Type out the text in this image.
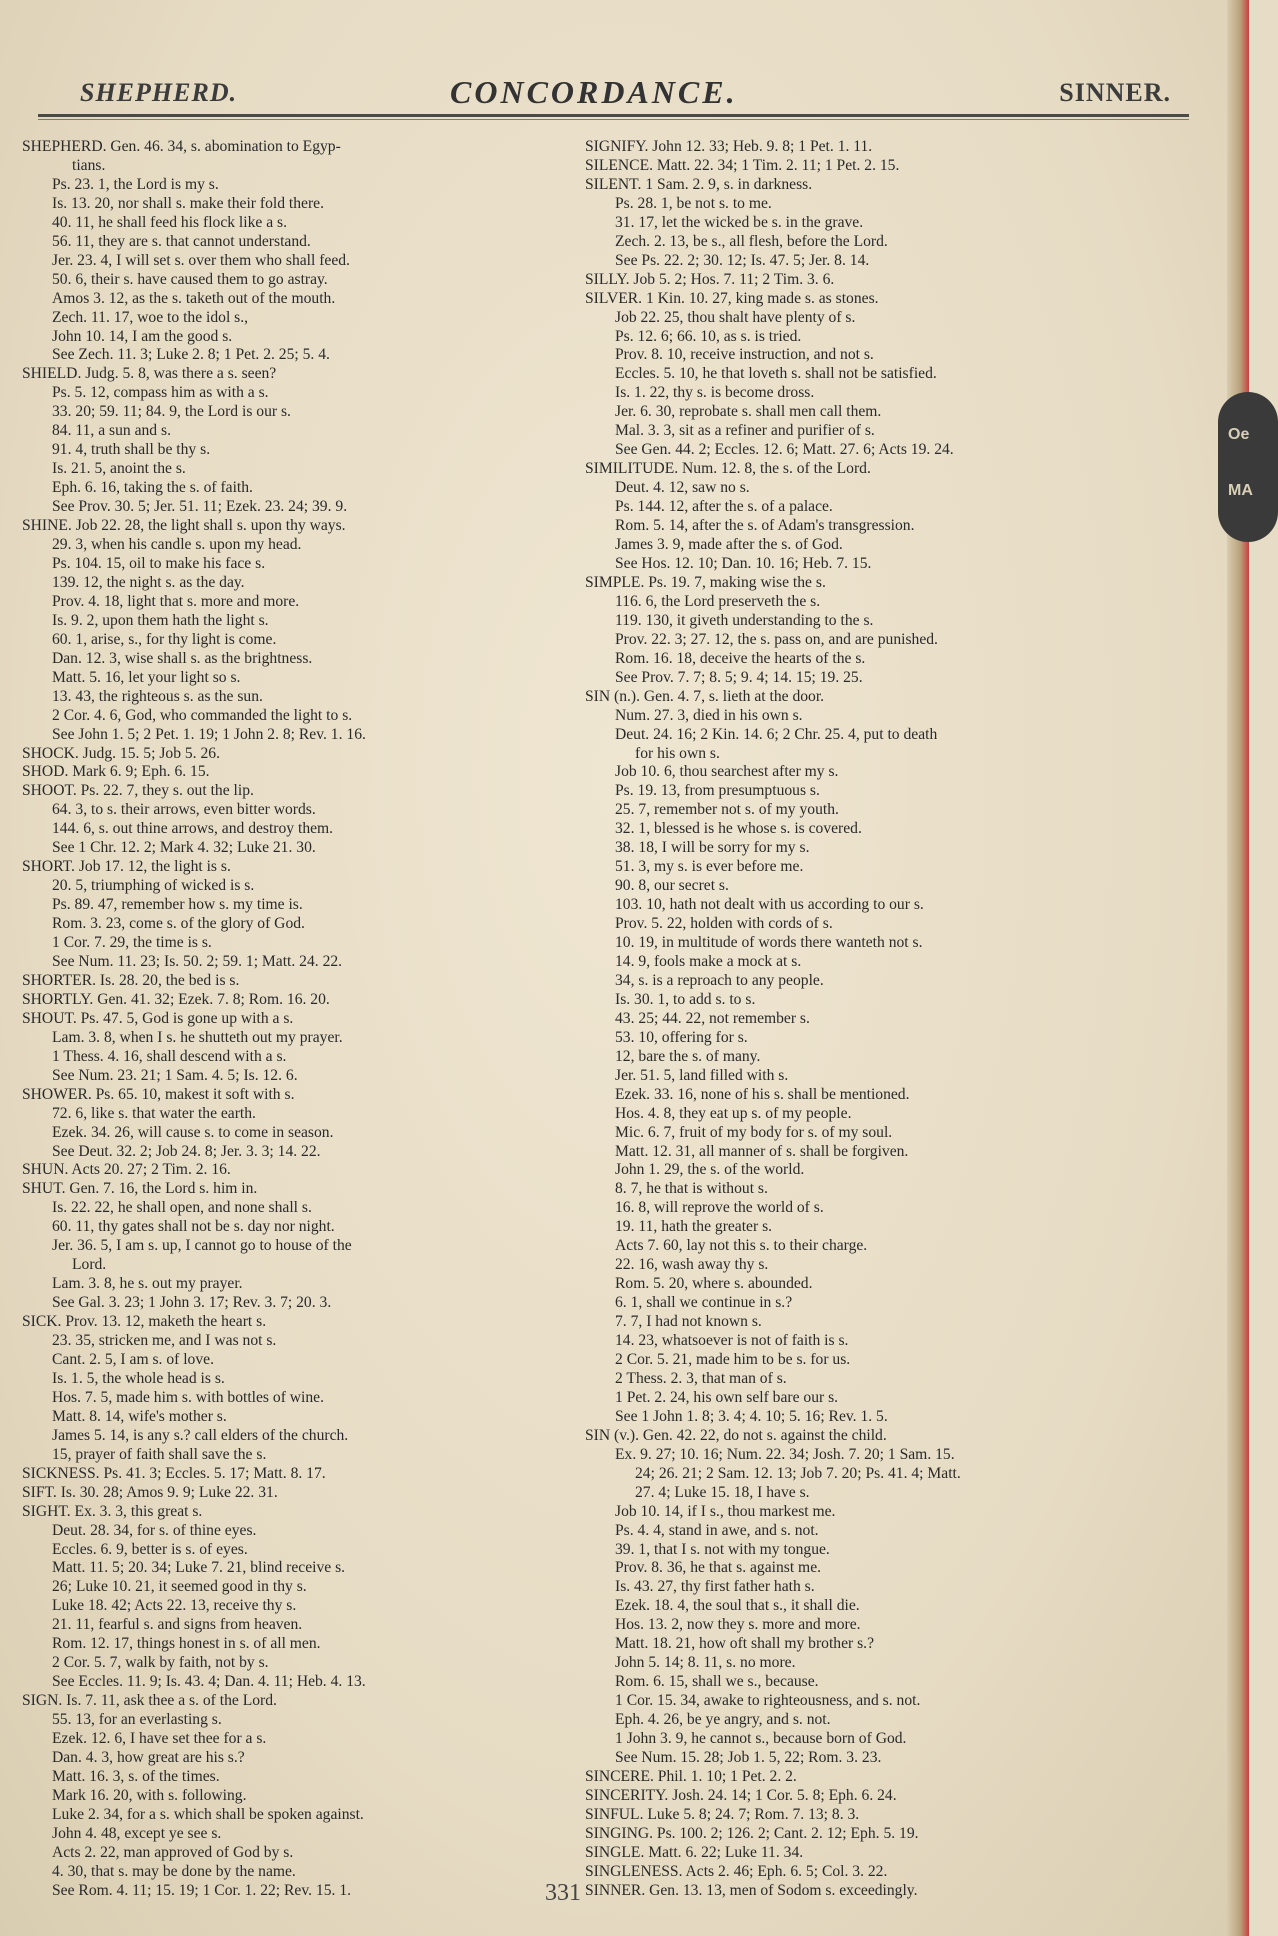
Oe
MA
SHEPHERD.	CONCORDANCE.	SINNER.
SHEPHERD. Gen. 46. 34, s. abomination to Egyp-
tians.
Ps. 23. 1, the Lord is my s.
Is. 13. 20, nor shall s. make their fold there.
40. 11, he shall feed his flock like a s.
56. 11, they are s. that cannot understand.
Jer. 23. 4, I will set s. over them who shall feed.
50. 6, their s. have caused them to go astray.
Amos 3. 12, as the s. taketh out of the mouth.
Zech. 11. 17, woe to the idol s.,
John 10. 14, I am the good s.
See Zech. 11. 3; Luke 2. 8; 1 Pet. 2. 25; 5. 4.
SHIELD. Judg. 5. 8, was there a s. seen?
Ps. 5. 12, compass him as with a s.
33. 20; 59. 11; 84. 9, the Lord is our s.
84. 11, a sun and s.
91. 4, truth shall be thy s.
Is. 21. 5, anoint the s.
Eph. 6. 16, taking the s. of faith.
See Prov. 30. 5; Jer. 51. 11; Ezek. 23. 24; 39. 9.
SHINE. Job 22. 28, the light shall s. upon thy ways.
29. 3, when his candle s. upon my head.
Ps. 104. 15, oil to make his face s.
139. 12, the night s. as the day.
Prov. 4. 18, light that s. more and more.
Is. 9. 2, upon them hath the light s.
60. 1, arise, s., for thy light is come.
Dan. 12. 3, wise shall s. as the brightness.
Matt. 5. 16, let your light so s.
13. 43, the righteous s. as the sun.
2 Cor. 4. 6, God, who commanded the light to s.
See John 1. 5; 2 Pet. 1. 19; 1 John 2. 8; Rev. 1. 16.
SHOCK. Judg. 15. 5; Job 5. 26.
SHOD. Mark 6. 9; Eph. 6. 15.
SHOOT. Ps. 22. 7, they s. out the lip.
64. 3, to s. their arrows, even bitter words.
144. 6, s. out thine arrows, and destroy them.
See 1 Chr. 12. 2; Mark 4. 32; Luke 21. 30.
SHORT. Job 17. 12, the light is s.
20. 5, triumphing of wicked is s.
Ps. 89. 47, remember how s. my time is.
Rom. 3. 23, come s. of the glory of God.
1 Cor. 7. 29, the time is s.
See Num. 11. 23; Is. 50. 2; 59. 1; Matt. 24. 22.
SHORTER. Is. 28. 20, the bed is s.
SHORTLY. Gen. 41. 32; Ezek. 7. 8; Rom. 16. 20.
SHOUT. Ps. 47. 5, God is gone up with a s.
Lam. 3. 8, when I s. he shutteth out my prayer.
1 Thess. 4. 16, shall descend with a s.
See Num. 23. 21; 1 Sam. 4. 5; Is. 12. 6.
SHOWER. Ps. 65. 10, makest it soft with s.
72. 6, like s. that water the earth.
Ezek. 34. 26, will cause s. to come in season.
See Deut. 32. 2; Job 24. 8; Jer. 3. 3; 14. 22.
SHUN. Acts 20. 27; 2 Tim. 2. 16.
SHUT. Gen. 7. 16, the Lord s. him in.
Is. 22. 22, he shall open, and none shall s.
60. 11, thy gates shall not be s. day nor night.
Jer. 36. 5, I am s. up, I cannot go to house of the
Lord.
Lam. 3. 8, he s. out my prayer.
See Gal. 3. 23; 1 John 3. 17; Rev. 3. 7; 20. 3.
SICK. Prov. 13. 12, maketh the heart s.
23. 35, stricken me, and I was not s.
Cant. 2. 5, I am s. of love.
Is. 1. 5, the whole head is s.
Hos. 7. 5, made him s. with bottles of wine.
Matt. 8. 14, wife's mother s.
James 5. 14, is any s.? call elders of the church.
15, prayer of faith shall save the s.
SICKNESS. Ps. 41. 3; Eccles. 5. 17; Matt. 8. 17.
SIFT. Is. 30. 28; Amos 9. 9; Luke 22. 31.
SIGHT. Ex. 3. 3, this great s.
Deut. 28. 34, for s. of thine eyes.
Eccles. 6. 9, better is s. of eyes.
Matt. 11. 5; 20. 34; Luke 7. 21, blind receive s.
26; Luke 10. 21, it seemed good in thy s.
Luke 18. 42; Acts 22. 13, receive thy s.
21. 11, fearful s. and signs from heaven.
Rom. 12. 17, things honest in s. of all men.
2 Cor. 5. 7, walk by faith, not by s.
See Eccles. 11. 9; Is. 43. 4; Dan. 4. 11; Heb. 4. 13.
SIGN. Is. 7. 11, ask thee a s. of the Lord.
55. 13, for an everlasting s.
Ezek. 12. 6, I have set thee for a s.
Dan. 4. 3, how great are his s.?
Matt. 16. 3, s. of the times.
Mark 16. 20, with s. following.
Luke 2. 34, for a s. which shall be spoken against.
John 4. 48, except ye see s.
Acts 2. 22, man approved of God by s.
4. 30, that s. may be done by the name.
See Rom. 4. 11; 15. 19; 1 Cor. 1. 22; Rev. 15. 1.
SIGNIFY. John 12. 33; Heb. 9. 8; 1 Pet. 1. 11.
SILENCE. Matt. 22. 34; 1 Tim. 2. 11; 1 Pet. 2. 15.
SILENT. 1 Sam. 2. 9, s. in darkness.
Ps. 28. 1, be not s. to me.
31. 17, let the wicked be s. in the grave.
Zech. 2. 13, be s., all flesh, before the Lord.
See Ps. 22. 2; 30. 12; Is. 47. 5; Jer. 8. 14.
SILLY. Job 5. 2; Hos. 7. 11; 2 Tim. 3. 6.
SILVER. 1 Kin. 10. 27, king made s. as stones.
Job 22. 25, thou shalt have plenty of s.
Ps. 12. 6; 66. 10, as s. is tried.
Prov. 8. 10, receive instruction, and not s.
Eccles. 5. 10, he that loveth s. shall not be satisfied.
Is. 1. 22, thy s. is become dross.
Jer. 6. 30, reprobate s. shall men call them.
Mal. 3. 3, sit as a refiner and purifier of s.
See Gen. 44. 2; Eccles. 12. 6; Matt. 27. 6; Acts 19. 24.
SIMILITUDE. Num. 12. 8, the s. of the Lord.
Deut. 4. 12, saw no s.
Ps. 144. 12, after the s. of a palace.
Rom. 5. 14, after the s. of Adam's transgression.
James 3. 9, made after the s. of God.
See Hos. 12. 10; Dan. 10. 16; Heb. 7. 15.
SIMPLE. Ps. 19. 7, making wise the s.
116. 6, the Lord preserveth the s.
119. 130, it giveth understanding to the s.
Prov. 22. 3; 27. 12, the s. pass on, and are punished.
Rom. 16. 18, deceive the hearts of the s.
See Prov. 7. 7; 8. 5; 9. 4; 14. 15; 19. 25.
SIN (n.). Gen. 4. 7, s. lieth at the door.
Num. 27. 3, died in his own s.
Deut. 24. 16; 2 Kin. 14. 6; 2 Chr. 25. 4, put to death
for his own s.
Job 10. 6, thou searchest after my s.
Ps. 19. 13, from presumptuous s.
25. 7, remember not s. of my youth.
32. 1, blessed is he whose s. is covered.
38. 18, I will be sorry for my s.
51. 3, my s. is ever before me.
90. 8, our secret s.
103. 10, hath not dealt with us according to our s.
Prov. 5. 22, holden with cords of s.
10. 19, in multitude of words there wanteth not s.
14. 9, fools make a mock at s.
34, s. is a reproach to any people.
Is. 30. 1, to add s. to s.
43. 25; 44. 22, not remember s.
53. 10, offering for s.
12, bare the s. of many.
Jer. 51. 5, land filled with s.
Ezek. 33. 16, none of his s. shall be mentioned.
Hos. 4. 8, they eat up s. of my people.
Mic. 6. 7, fruit of my body for s. of my soul.
Matt. 12. 31, all manner of s. shall be forgiven.
John 1. 29, the s. of the world.
8. 7, he that is without s.
16. 8, will reprove the world of s.
19. 11, hath the greater s.
Acts 7. 60, lay not this s. to their charge.
22. 16, wash away thy s.
Rom. 5. 20, where s. abounded.
6. 1, shall we continue in s.?
7. 7, I had not known s.
14. 23, whatsoever is not of faith is s.
2 Cor. 5. 21, made him to be s. for us.
2 Thess. 2. 3, that man of s.
1 Pet. 2. 24, his own self bare our s.
See 1 John 1. 8; 3. 4; 4. 10; 5. 16; Rev. 1. 5.
SIN (v.). Gen. 42. 22, do not s. against the child.
Ex. 9. 27; 10. 16; Num. 22. 34; Josh. 7. 20; 1 Sam. 15.
24; 26. 21; 2 Sam. 12. 13; Job 7. 20; Ps. 41. 4; Matt.
27. 4; Luke 15. 18, I have s.
Job 10. 14, if I s., thou markest me.
Ps. 4. 4, stand in awe, and s. not.
39. 1, that I s. not with my tongue.
Prov. 8. 36, he that s. against me.
Is. 43. 27, thy first father hath s.
Ezek. 18. 4, the soul that s., it shall die.
Hos. 13. 2, now they s. more and more.
Matt. 18. 21, how oft shall my brother s.?
John 5. 14; 8. 11, s. no more.
Rom. 6. 15, shall we s., because.
1 Cor. 15. 34, awake to righteousness, and s. not.
Eph. 4. 26, be ye angry, and s. not.
1 John 3. 9, he cannot s., because born of God.
See Num. 15. 28; Job 1. 5, 22; Rom. 3. 23.
SINCERE. Phil. 1. 10; 1 Pet. 2. 2.
SINCERITY. Josh. 24. 14; 1 Cor. 5. 8; Eph. 6. 24.
SINFUL. Luke 5. 8; 24. 7; Rom. 7. 13; 8. 3.
SINGING. Ps. 100. 2; 126. 2; Cant. 2. 12; Eph. 5. 19.
SINGLE. Matt. 6. 22; Luke 11. 34.
SINGLENESS. Acts 2. 46; Eph. 6. 5; Col. 3. 22.
SINNER. Gen. 13. 13, men of Sodom s. exceedingly.
331
